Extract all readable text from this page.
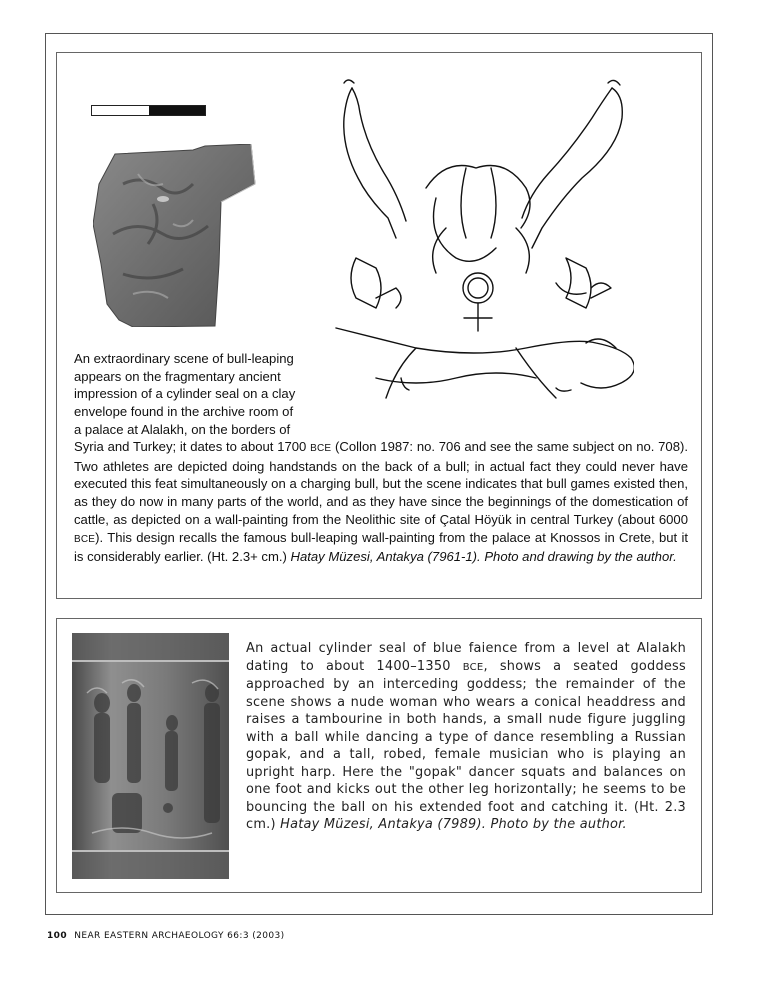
An extraordinary scene of bull-leaping

appears on the fragmentary ancient

impression of a cylinder seal on a clay

envelope found in the archive room of

a palace at Alalakh, on the borders of

Syria and Turkey; it dates to about 1700 BCE (Collon 1987: no. 706 and see the same subject on no. 708). Two athletes are depicted doing handstands on the back of a bull; in actual fact they could never have executed this feat simultaneously on a charging bull, but the scene indicates that bull games existed then, as they do now in many parts of the world, and as they have since the beginnings of the domestication of cattle, as depicted on a wall-painting from the Neolithic site of Çatal Höyük in central Turkey (about 6000 BCE). This design recalls the famous bull-leaping wall-painting from the palace at Knossos in Crete, but it is considerably earlier. (Ht. 2.3+ cm.) Hatay Müzesi, Antakya (7961-1). Photo and drawing by the author.

An actual cylinder seal of blue faience from a level at Alalakh dating to about 1400–1350 BCE, shows a seated goddess approached by an interceding goddess; the remainder of the scene shows a nude woman who wears a conical headdress and raises a tambourine in both hands, a small nude figure juggling with a ball while dancing a type of dance resembling a Russian gopak, and a tall, robed, female musician who is playing an upright harp. Here the "gopak" dancer squats and balances on one foot and kicks out the other leg horizontally; he seems to be bouncing the ball on his extended foot and catching it. (Ht. 2.3 cm.) Hatay Müzesi, Antakya (7989). Photo by the author.

100 NEAR EASTERN ARCHAEOLOGY 66:3 (2003)
